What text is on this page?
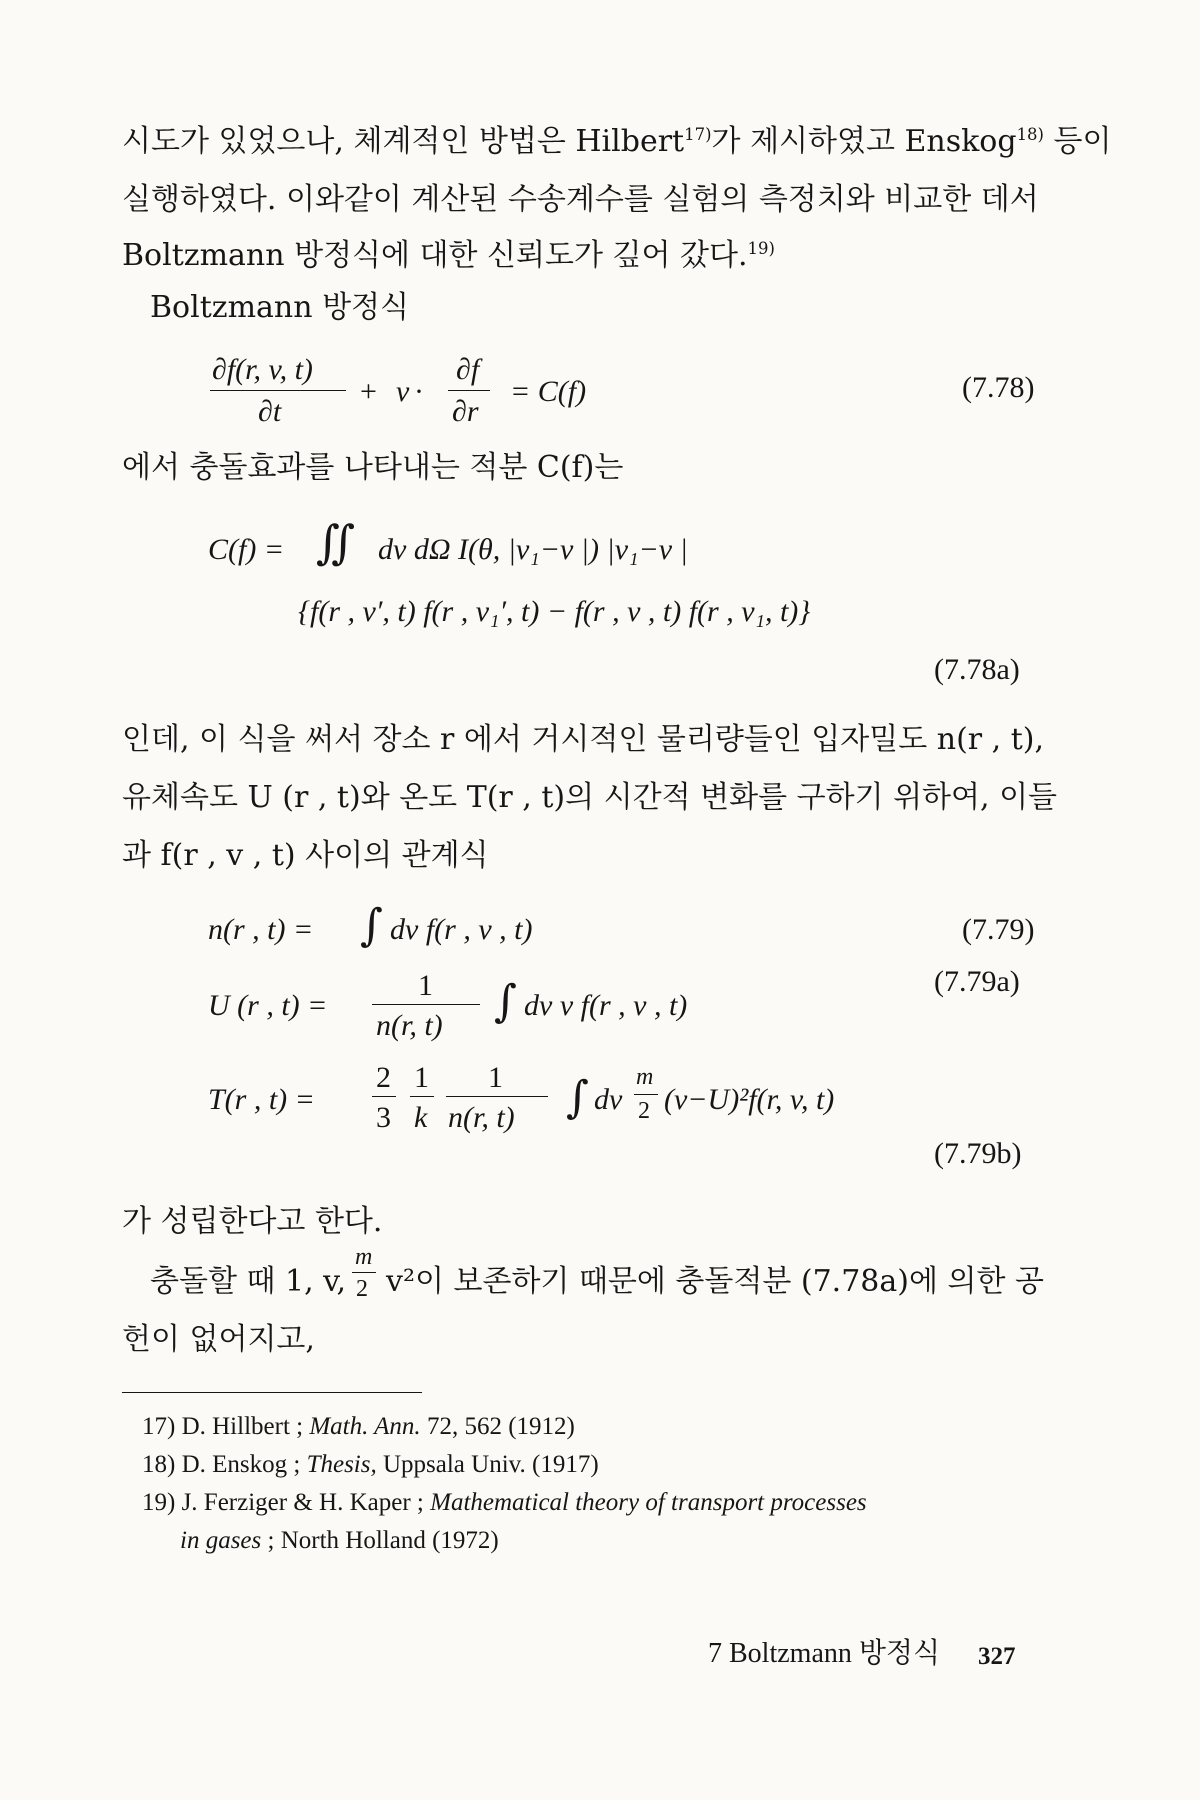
시도가 있었으나, 체계적인 방법은 Hilbert$^{17)}$가 제시하였고 Enskog$^{18)}$ 등이
실행하였다. 이와같이 계산된 수송계수를 실험의 측정치와 비교한 데서
Boltzmann 방정식에 대한 신뢰도가 깊어 갔다.$^{19)}$
Boltzmann 방정식
∂f(r, v, t)
∂t
+ v ·
∂f
∂r
= C(f)	(7.78)
에서 충돌효과를 나타내는 적분 C(f)는
C(f) = ∬ dv dΩ I(θ, |v₁−v |) |v₁−v |
{f(r , v′, t) f(r , v₁′, t) − f(r , v , t) f(r , v₁, t)}
(7.78a)
인데, 이 식을 써서 장소 r 에서 거시적인 물리량들인 입자밀도 n(r , t),
유체속도 U (r , t)와 온도 T(r , t)의 시간적 변화를 구하기 위하여, 이들
과 f(r , v , t) 사이의 관계식
n(r , t) = ∫ dv f(r , v , t)	(7.79)
U (r , t) =
1
n(r, t) ∫ dv v f(r , v , t)
(7.79a)
T(r , t) =
2
3
1
k
1
n(r, t) ∫ dv
m
2 (v−U)²f(r, v, t)
(7.79b)
가 성립한다고 한다.
충돌할 때 1, v,
m
2 v²이 보존하기 때문에 충돌적분 (7.78a)에 의한 공
헌이 없어지고,
17) D. Hillbert ; Math. Ann. 72, 562 (1912)
18) D. Enskog ; Thesis, Uppsala Univ. (1917)
19) J. Ferziger & H. Kaper ; Mathematical theory of transport processes
in gases ; North Holland (1972)
7 Boltzmann 방정식 327
